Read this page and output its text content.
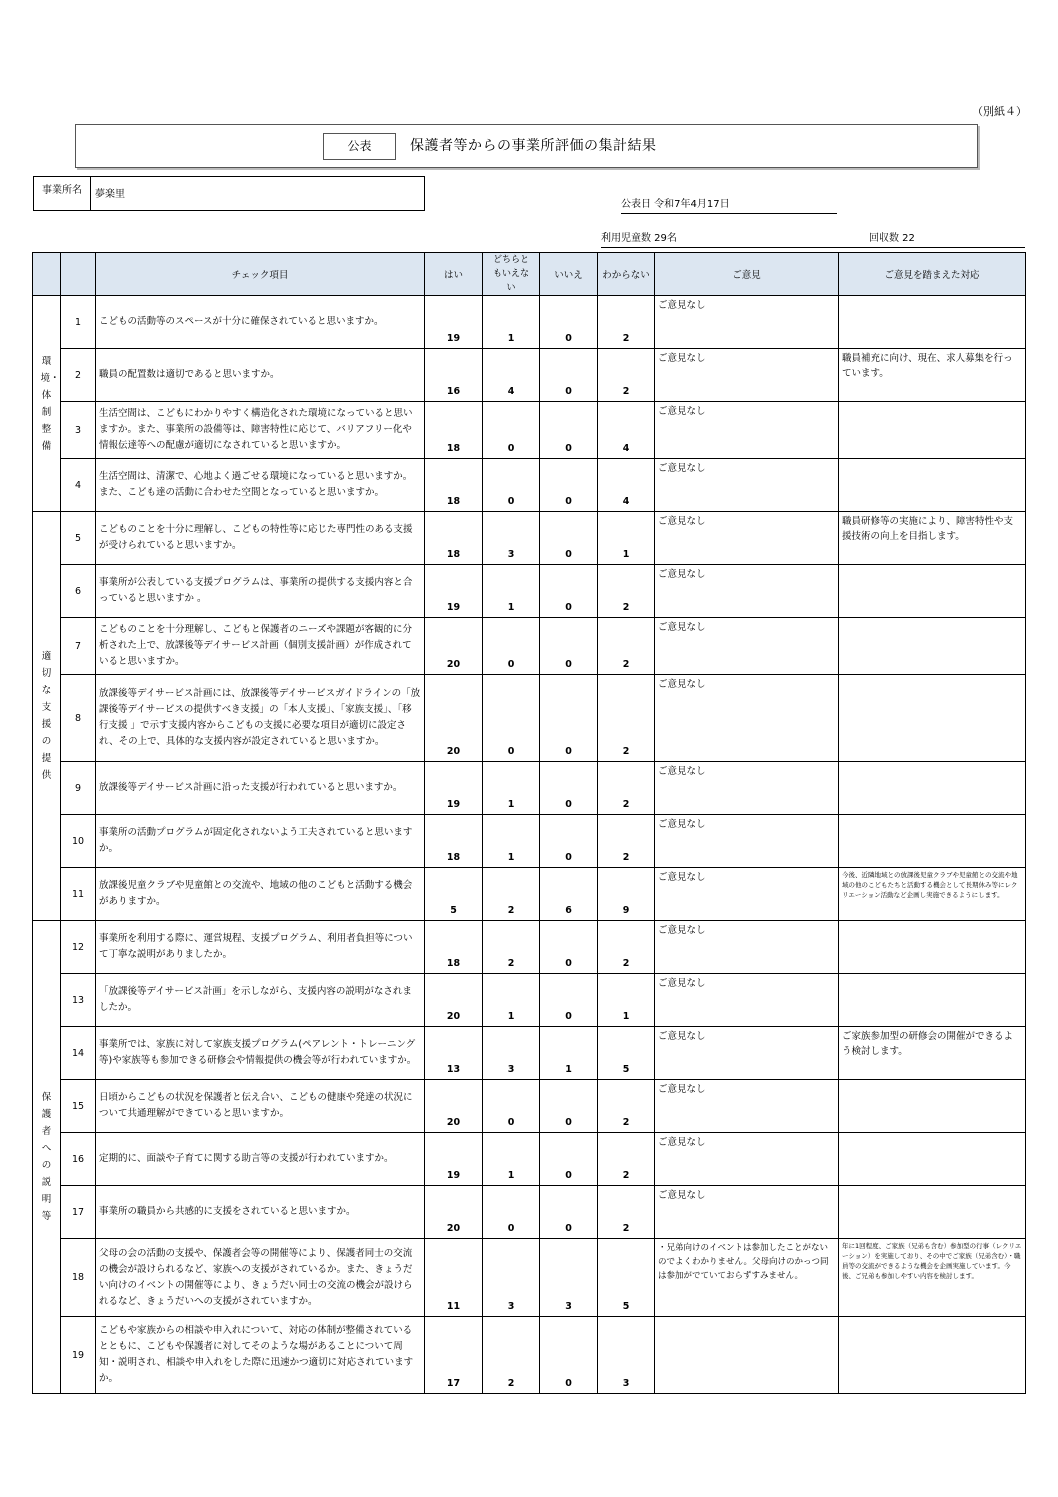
（別紙４）
公表	保護者等からの事業所評価の集計結果
事業所名	夢楽里
公表日 令和7年4月17日
利用児童数 29名	回収数 22
		チェック項目	はい	どちらともいえない	いいえ	わからない	ご意見	ご意見を踏まえた対応

環境・体制整備	1	こどもの活動等のスペースが十分に確保されていると思いますか。	19	1	0	2	ご意見なし	
	2	職員の配置数は適切であると思いますか。	16	4	0	2	ご意見なし	職員補充に向け、現在、求人募集を行っています。
	3	生活空間は、こどもにわかりやすく構造化された環境になっていると思いますか。また、事業所の設備等は、障害特性に応じて、バリアフリー化や情報伝達等への配慮が適切になされていると思いますか。	18	0	0	4	ご意見なし	
	4	生活空間は、清潔で、心地よく過ごせる環境になっていると思いますか。また、こども達の活動に合わせた空間となっていると思いますか。	18	0	0	4	ご意見なし	

適切な支援の提供	5	こどものことを十分に理解し、こどもの特性等に応じた専門性のある支援が受けられていると思いますか。	18	3	0	1	ご意見なし	職員研修等の実施により、障害特性や支援技術の向上を目指します。
	6	事業所が公表している支援プログラムは、事業所の提供する支援内容と合っていると思いますか 。	19	1	0	2	ご意見なし	
	7	こどものことを十分理解し、こどもと保護者のニーズや課題が客観的に分析された上で、放課後等デイサービス計画（個別支援計画）が作成されていると思いますか。	20	0	0	2	ご意見なし	
	8	放課後等デイサービス計画には、放課後等デイサービスガイドラインの「放課後等デイサービスの提供すべき支援」の「本人支援」、「家族支援」、「移行支援 」で示す支援内容からこどもの支援に必要な項目が適切に設定され、その上で、具体的な支援内容が設定されていると思いますか。	20	0	0	2	ご意見なし	
	9	放課後等デイサービス計画に沿った支援が行われていると思いますか。	19	1	0	2	ご意見なし	
	10	事業所の活動プログラムが固定化されないよう工夫されていると思いますか。	18	1	0	2	ご意見なし	
	11	放課後児童クラブや児童館との交流や、地域の他のこどもと活動する機会がありますか。	5	2	6	9	ご意見なし	今後、近隣地域との放課後児童クラブや児童館との交流や地域の他のこどもたちと活動する機会として長期休み等にレクリエーション活動など企画し実施できるようにします。

保護者への説明等	12	事業所を利用する際に、運営規程、支援プログラム、利用者負担等について丁寧な説明がありましたか。	18	2	0	2	ご意見なし	
	13	「放課後等デイサービス計画」を示しながら、支援内容の説明がなされましたか。	20	1	0	1	ご意見なし	
	14	事業所では、家族に対して家族支援プログラム(ペアレント・トレーニング等)や家族等も参加できる研修会や情報提供の機会等が行われていますか。	13	3	1	5	ご意見なし	ご家族参加型の研修会の開催ができるよう検討します。
	15	日頃からこどもの状況を保護者と伝え合い、こどもの健康や発達の状況について共通理解ができていると思いますか。	20	0	0	2	ご意見なし	
	16	定期的に、面談や子育てに関する助言等の支援が行われていますか。	19	1	0	2	ご意見なし	
	17	事業所の職員から共感的に支援をされていると思いますか。	20	0	0	2	ご意見なし	
	18	父母の会の活動の支援や、保護者会等の開催等により、保護者同士の交流の機会が設けられるなど、家族への支援がされているか。また、きょうだい向けのイベントの開催等により、きょうだい同士の交流の機会が設けられるなど、きょうだいへの支援がされていますか。	11	3	3	5	・兄弟向けのイベントは参加したことがないのでよくわかりません。父母向けのかっつ同は参加がでていておらずすみません。	年に1回程度、ご家族（兄弟も含む）参加型の行事（レクリエーション）を実施しており、その中でご家族（兄弟含む）・職員等の交流ができるような機会を企画実施しています。今後、ご兄弟も参加しやすい内容を検討します。
	19	こどもや家族からの相談や申入れについて、対応の体制が整備されているとともに、こどもや保護者に対してそのような場があることについて周知・説明され、相談や申入れをした際に迅速かつ適切に対応されていますか。	17	2	0	3		
